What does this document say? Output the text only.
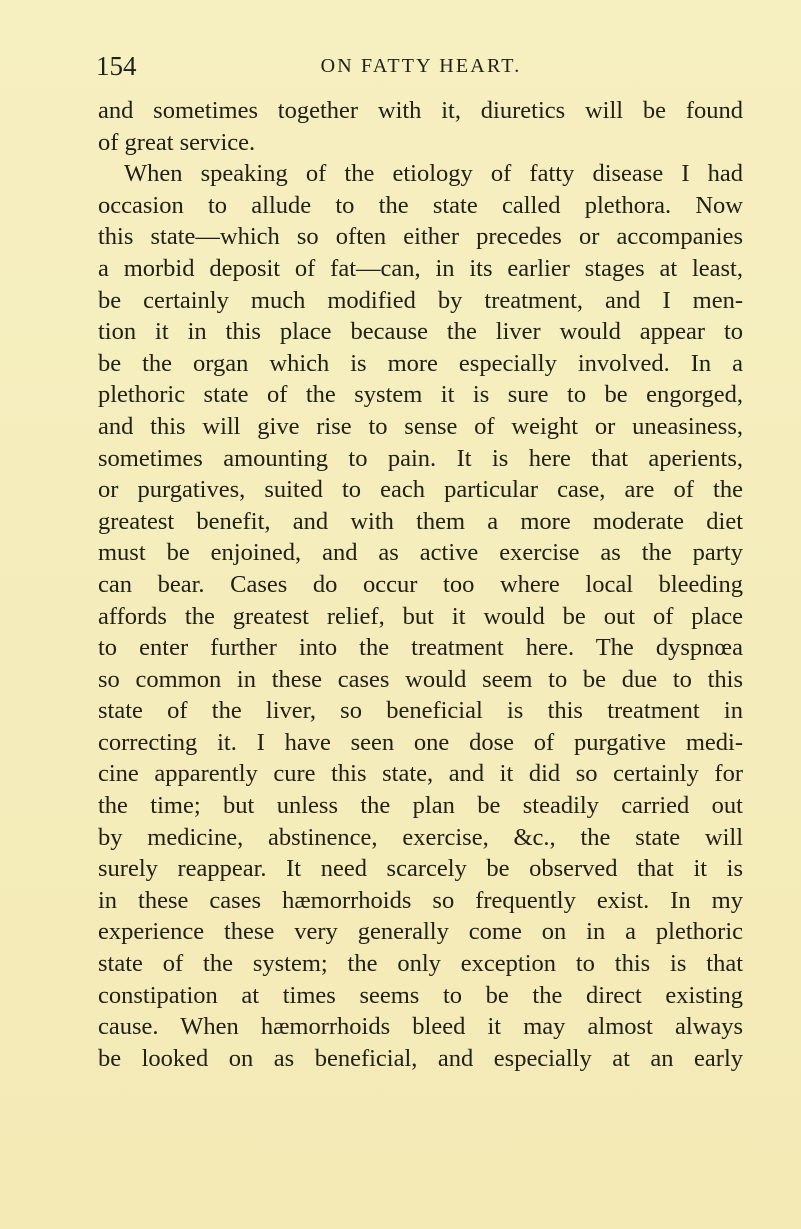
154	ON FATTY HEART.
and sometimes together with it, diuretics will be found
of great service.
When speaking of the etiology of fatty disease I had
occasion to allude to the state called plethora. Now
this state—which so often either precedes or accompanies
a morbid deposit of fat—can, in its earlier stages at least,
be certainly much modified by treatment, and I men-
tion it in this place because the liver would appear to
be the organ which is more especially involved. In a
plethoric state of the system it is sure to be engorged,
and this will give rise to sense of weight or uneasiness,
sometimes amounting to pain. It is here that aperients,
or purgatives, suited to each particular case, are of the
greatest benefit, and with them a more moderate diet
must be enjoined, and as active exercise as the party
can bear. Cases do occur too where local bleeding
affords the greatest relief, but it would be out of place
to enter further into the treatment here. The dyspnœa
so common in these cases would seem to be due to this
state of the liver, so beneficial is this treatment in
correcting it. I have seen one dose of purgative medi-
cine apparently cure this state, and it did so certainly for
the time; but unless the plan be steadily carried out
by medicine, abstinence, exercise, &c., the state will
surely reappear. It need scarcely be observed that it is
in these cases hæmorrhoids so frequently exist. In my
experience these very generally come on in a plethoric
state of the system; the only exception to this is that
constipation at times seems to be the direct existing
cause. When hæmorrhoids bleed it may almost always
be looked on as beneficial, and especially at an early
